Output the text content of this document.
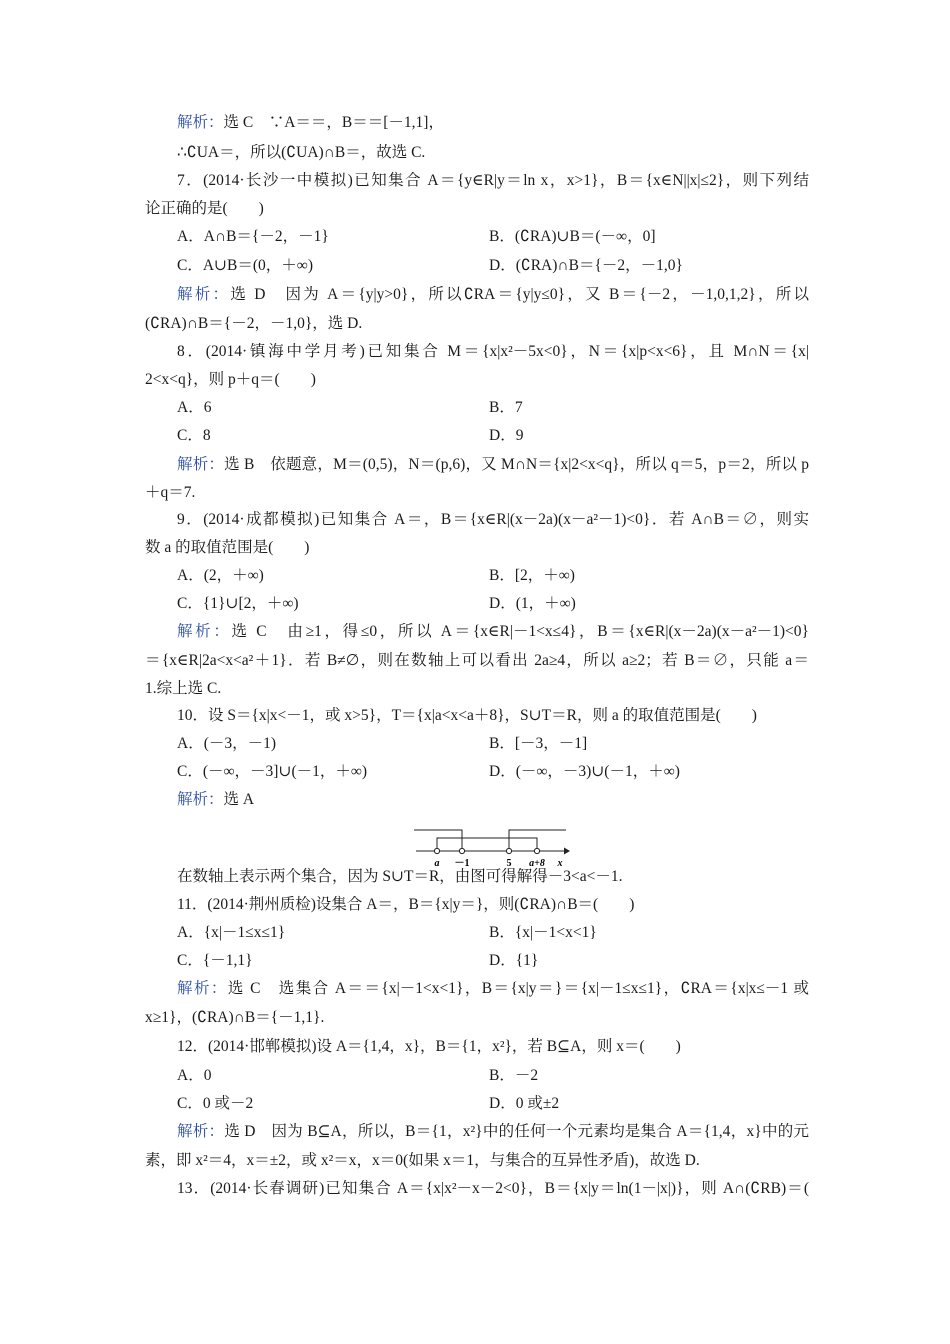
解析：选 C　∵A＝＝，B＝＝[－1,1]，
∴∁UA＝，所以(∁UA)∩B＝，故选 C.
7．(2014·长沙一中模拟)已知集合 A＝{y∈R|y＝ln x，x>1}，B＝{x∈N||x|≤2}，则下列结
论正确的是(　　)
A．A∩B＝{－2，－1}	B．(∁RA)∪B＝(－∞，0]
C．A∪B＝(0，＋∞)	D．(∁RA)∩B＝{－2，－1,0}
解析：选 D　因为 A＝{y|y>0}，所以∁RA＝{y|y≤0}，又 B＝{－2，－1,0,1,2}，所以
(∁RA)∩B＝{－2，－1,0}，选 D.
8．(2014·镇海中学月考)已知集合 M＝{x|x²－5x<0}，N＝{x|p<x<6}，且 M∩N＝{x|
2<x<q}，则 p＋q＝(　　)
A．6	B．7
C．8	D．9
解析：选 B　依题意，M＝(0,5)，N＝(p,6)，又 M∩N＝{x|2<x<q}，所以 q＝5，p＝2，所以 p
＋q＝7.
9．(2014·成都模拟)已知集合 A＝，B＝{x∈R|(x－2a)(x－a²－1)<0}．若 A∩B＝∅，则实
数 a 的取值范围是(　　)
A．(2，＋∞)	B．[2，＋∞)
C．{1}∪[2，＋∞)	D．(1，＋∞)
解析：选 C　由≥1，得≤0，所以 A＝{x∈R|－1<x≤4}，B＝{x∈R|(x－2a)(x－a²－1)<0}
＝{x∈R|2a<x<a²＋1}．若 B≠∅，则在数轴上可以看出 2a≥4，所以 a≥2；若 B＝∅，只能 a＝
1.综上选 C.
10．设 S＝{x|x<－1，或 x>5}，T＝{x|a<x<a＋8}，S∪T＝R，则 a 的取值范围是(　　)
A．(－3，－1)	B．[－3，－1]
C．(－∞，－3]∪(－1，＋∞)	D．(－∞，－3)∪(－1，＋∞)
解析：选 A
在数轴上表示两个集合，因为 S∪T＝R，由图可得解得－3<a<－1.
11．(2014·荆州质检)设集合 A＝，B＝{x|y＝}，则(∁RA)∩B＝(　　)
A．{x|－1≤x≤1}	B．{x|－1<x<1}
C．{－1,1}	D．{1}
解析：选 C　选集合 A＝＝{x|－1<x<1}，B＝{x|y＝}＝{x|－1≤x≤1}，∁RA＝{x|x≤－1 或
x≥1}，(∁RA)∩B＝{－1,1}.
12．(2014·邯郸模拟)设 A＝{1,4，x}，B＝{1，x²}，若 B⊆A，则 x＝(　　)
A．0	B．－2
C．0 或－2	D．0 或±2
解析：选 D　因为 B⊆A，所以，B＝{1，x²}中的任何一个元素均是集合 A＝{1,4，x}中的元
素，即 x²＝4，x＝±2，或 x²＝x，x＝0(如果 x＝1，与集合的互异性矛盾)，故选 D.
13．(2014·长春调研)已知集合 A＝{x|x²－x－2<0}，B＝{x|y＝ln(1－|x|)}，则 A∩(∁RB)＝(
a －1	5 a+8 x
